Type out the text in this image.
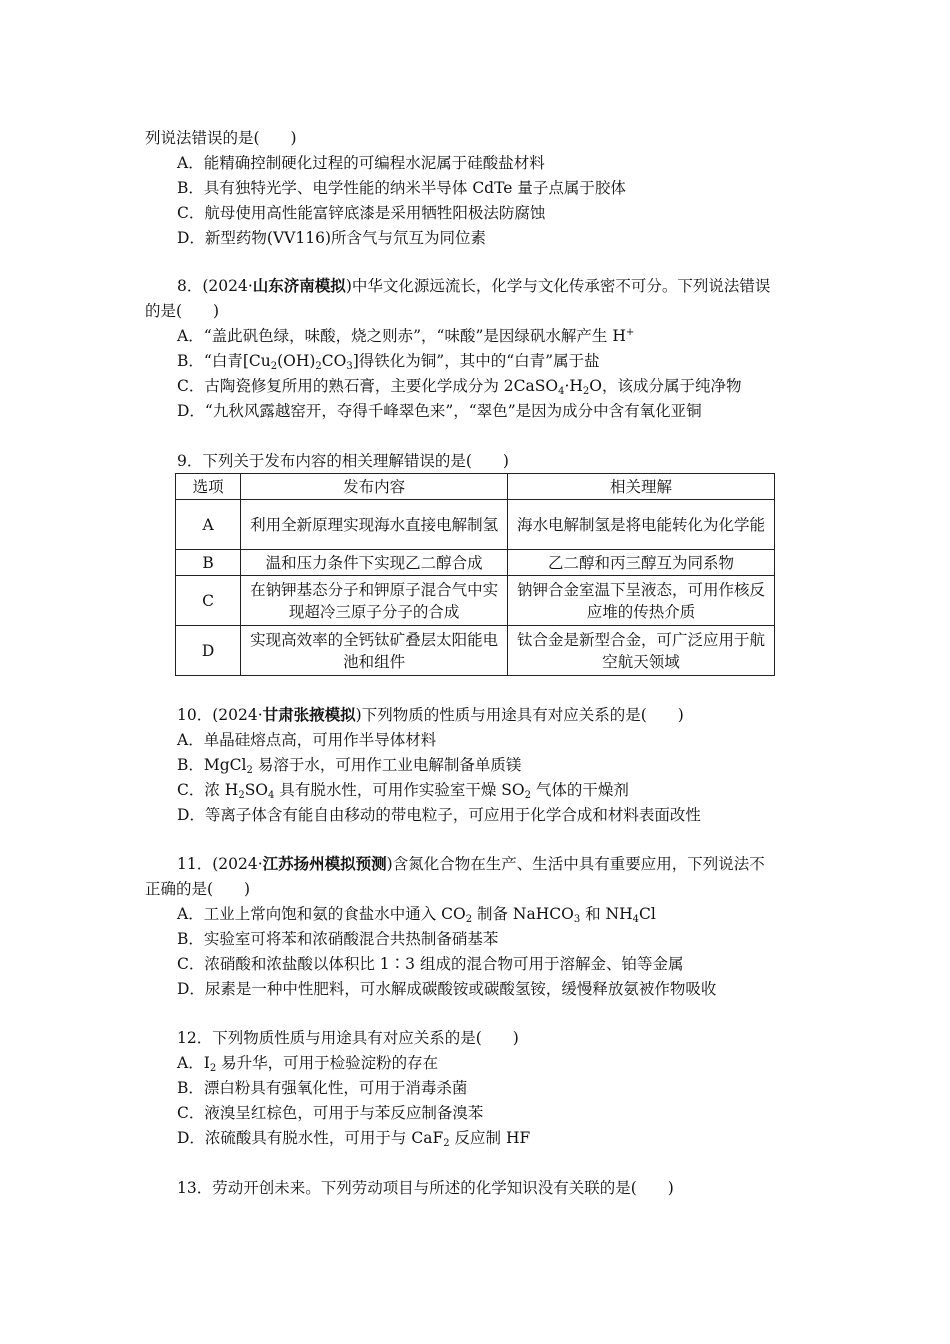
列说法错误的是(　　)
A．能精确控制硬化过程的可编程水泥属于硅酸盐材料
B．具有独特光学、电学性能的纳米半导体 CdTe 量子点属于胶体
C．航母使用高性能富锌底漆是采用牺牲阳极法防腐蚀
D．新型药物(VV116)所含气与氘互为同位素
8．(2024·山东济南模拟)中华文化源远流长，化学与文化传承密不可分。下列说法错误
的是(　　)
A．“盖此矾色绿，味酸，烧之则赤”，“味酸”是因绿矾水解产生 H+
B．“白青$[Cu_2(OH)_2CO_3]$得铁化为铜”，其中的“白青”属于盐
C．古陶瓷修复所用的熟石膏，主要化学成分为 $2CaSO_4\cdot H_2O$，该成分属于纯净物
D．“九秋风露越窑开，夺得千峰翠色来”，“翠色”是因为成分中含有氧化亚铜
9．下列关于发布内容的相关理解错误的是(　　)
选项	发布内容	相关理解
A	利用全新原理实现海水直接电解制氢	海水电解制氢是将电能转化为化学能
B	温和压力条件下实现乙二醇合成	乙二醇和丙三醇互为同系物
C	在钠钾基态分子和钾原子混合气中实现超冷三原子分子的合成	钠钾合金室温下呈液态，可用作核反应堆的传热介质
D	实现高效率的全钙钛矿叠层太阳能电池和组件	钛合金是新型合金，可广泛应用于航空航天领域
10．(2024·甘肃张掖模拟)下列物质的性质与用途具有对应关系的是(　　)
A．单晶硅熔点高，可用作半导体材料
B．MgCl$_2$ 易溶于水，可用作工业电解制备单质镁
C．浓 $H_2SO_4$ 具有脱水性，可用作实验室干燥 $SO_2$ 气体的干燥剂
D．等离子体含有能自由移动的带电粒子，可应用于化学合成和材料表面改性
11．(2024·江苏扬州模拟预测)含氮化合物在生产、生活中具有重要应用，下列说法不
正确的是(　　)
A．工业上常向饱和氨的食盐水中通入 $CO_2$ 制备 NaHCO$_3$ 和 $NH_4Cl$
B．实验室可将苯和浓硝酸混合共热制备硝基苯
C．浓硝酸和浓盐酸以体积比 1∶3 组成的混合物可用于溶解金、铂等金属
D．尿素是一种中性肥料，可水解成碳酸铵或碳酸氢铵，缓慢释放氨被作物吸收
12．下列物质性质与用途具有对应关系的是(　　)
A．$I_2$ 易升华，可用于检验淀粉的存在
B．漂白粉具有强氧化性，可用于消毒杀菌
C．液溴呈红棕色，可用于与苯反应制备溴苯
D．浓硫酸具有脱水性，可用于与 CaF$_2$ 反应制 HF
13．劳动开创未来。下列劳动项目与所述的化学知识没有关联的是(　　)
